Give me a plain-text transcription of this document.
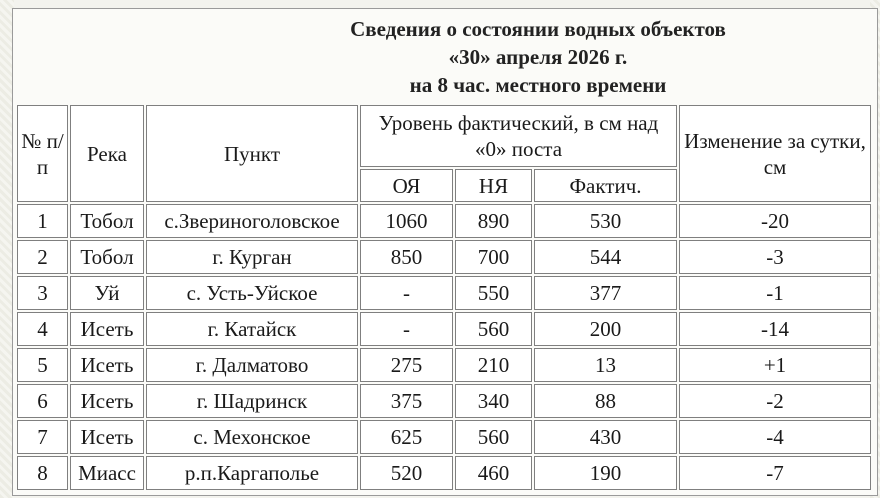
Сведения о состоянии водных объектов
«30» апреля 2026 г.
на 8 час. местного времени
№ п/п	Река	Пункт	Уровень фактический, в см над «0» поста			Изменение за сутки, см
			ОЯ	НЯ	Фактич.	
1	Тобол	с.Звериноголовское	1060	890	530	-20
2	Тобол	г. Курган	850	700	544	-3
3	Уй	с. Усть-Уйское	-	550	377	-1
4	Исеть	г. Катайск	-	560	200	-14
5	Исеть	г. Далматово	275	210	13	+1
6	Исеть	г. Шадринск	375	340	88	-2
7	Исеть	с. Мехонское	625	560	430	-4
8	Миасс	р.п.Каргаполье	520	460	190	-7
